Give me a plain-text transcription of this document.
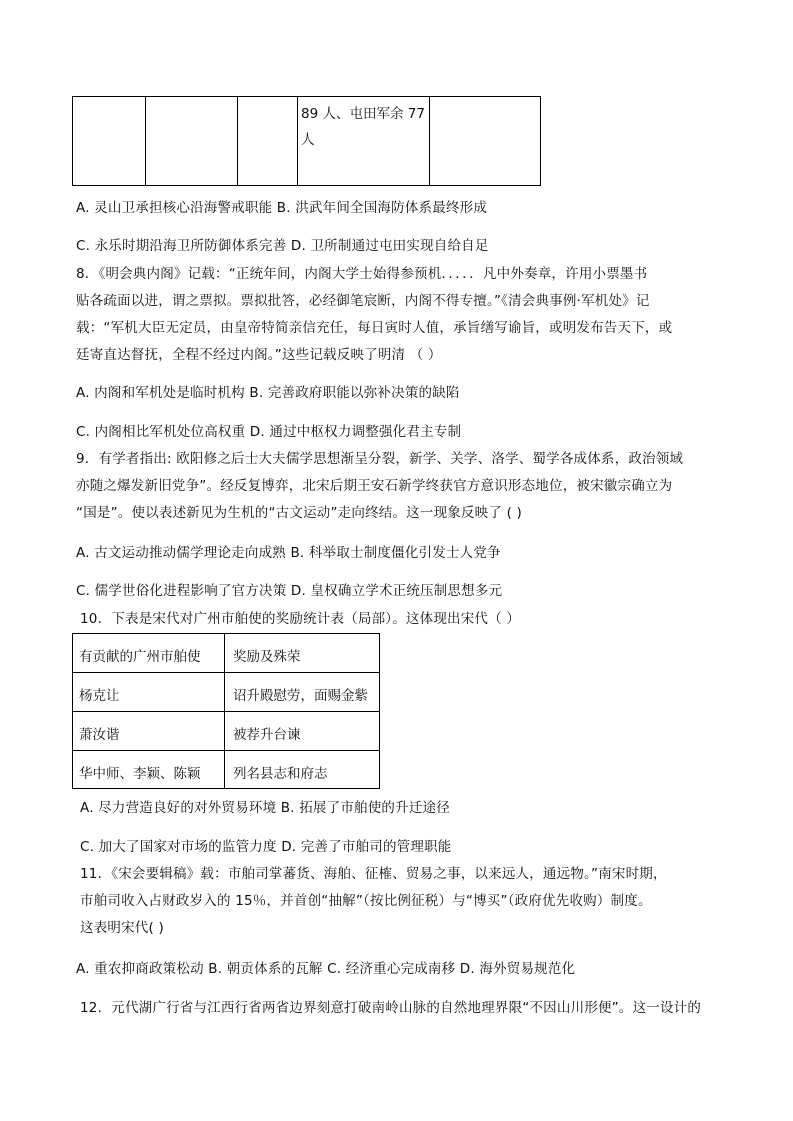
89 人、屯田军余 77 人
A. 灵山卫承担核心沿海警戒职能 B. 洪武年间全国海防体系最终形成
C. 永乐时期沿海卫所防御体系完善 D. 卫所制通过屯田实现自给自足
8．《明会典内阁》记载：“正统年间，内阁大学士始得参预机．．．．．凡中外奏章，许用小票墨书
贴各疏面以进，谓之票拟。票拟批答，必经御笔宸断，内阁不得专擅。”《清会典事例·军机处》记
载：“军机大臣无定员，由皇帝特简亲信充任，每日寅时人值，承旨缮写谕旨，或明发布告天下，或
廷寄直达督抚，全程不经过内阁。”这些记载反映了明清 （ ）
A. 内阁和军机处是临时机构 B. 完善政府职能以弥补决策的缺陷
C. 内阁相比军机处位高权重 D. 通过中枢权力调整强化君主专制
9．有学者指出: 欧阳修之后士大夫儒学思想渐呈分裂，新学、关学、洛学、蜀学各成体系，政治领域
亦随之爆发新旧党争”。经反复博弈，北宋后期王安石新学终获官方意识形态地位，被宋徽宗确立为
“国是”。使以表述新见为生机的“古文运动”走向终结。这一现象反映了 ( )
A. 古文运动推动儒学理论走向成熟 B. 科举取士制度僵化引发士人党争
C. 儒学世俗化进程影响了官方决策 D. 皇权确立学术正统压制思想多元
10．下表是宋代对广州市舶使的奖励统计表（局部）。这体现出宋代（ ）
有贡献的广州市舶使 奖励及殊荣
杨克让	诏升殿慰劳，面赐金紫
萧汝谐	被荐升台谏
华中师、李颖、陈颖 列名县志和府志
A. 尽力营造良好的对外贸易环境 B. 拓展了市舶使的升迁途径
C. 加大了国家对市场的监管力度 D. 完善了市舶司的管理职能
11．《宋会要辑稿》载：市舶司掌蕃货、海舶、征榷、贸易之事，以来远人，通远物。”南宋时期，
市舶司收入占财政岁入的 15％，并首创“抽解”（按比例征税）与“博买”（政府优先收购）制度。
这表明宋代( )
A. 重农抑商政策松动 B. 朝贡体系的瓦解 C. 经济重心完成南移 D. 海外贸易规范化
12．元代湖广行省与江西行省两省边界刻意打破南岭山脉的自然地理界限“不因山川形便”。这一设计的
